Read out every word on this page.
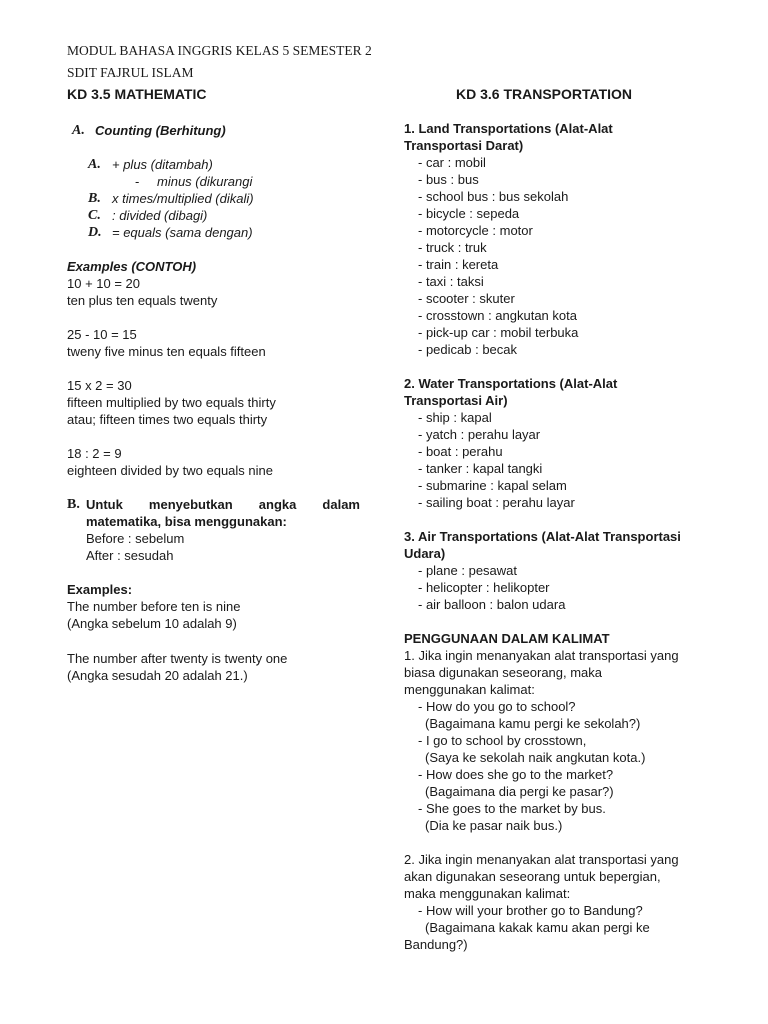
MODUL BAHASA INGGRIS KELAS 5 SEMESTER 2
SDIT FAJRUL ISLAM
KD 3.5 MATHEMATIC
A. Counting (Berhitung)
A. + plus (ditambah)
- minus (dikurangi
B. x times/multiplied (dikali)
C. : divided (dibagi)
D. = equals (sama dengan)
Examples (CONTOH)
10 + 10 = 20
ten plus ten equals twenty
25 - 10 = 15
tweny five minus ten equals fifteen
15 x 2 = 30
fifteen multiplied by two equals thirty
atau; fifteen times two equals thirty
18 : 2 = 9
eighteen divided by two equals nine
B. Untuk menyebutkan angka dalam
matematika, bisa menggunakan:
Before : sebelum
After : sesudah
Examples:
The number before ten is nine
(Angka sebelum 10 adalah 9)
The number after twenty is twenty one
(Angka sesudah 20 adalah 21.)
KD 3.6 TRANSPORTATION
1. Land Transportations (Alat-Alat
Transportasi Darat)
- car : mobil
- bus : bus
- school bus : bus sekolah
- bicycle : sepeda
- motorcycle : motor
- truck : truk
- train : kereta
- taxi : taksi
- scooter : skuter
- crosstown : angkutan kota
- pick-up car : mobil terbuka
- pedicab : becak
2. Water Transportations (Alat-Alat
Transportasi Air)
- ship : kapal
- yatch : perahu layar
- boat : perahu
- tanker : kapal tangki
- submarine : kapal selam
- sailing boat : perahu layar
3. Air Transportations (Alat-Alat Transportasi
Udara)
- plane : pesawat
- helicopter : helikopter
- air balloon : balon udara
PENGGUNAAN DALAM KALIMAT
1. Jika ingin menanyakan alat transportasi yang
biasa digunakan seseorang, maka
menggunakan kalimat:
- How do you go to school?
(Bagaimana kamu pergi ke sekolah?)
- I go to school by crosstown,
(Saya ke sekolah naik angkutan kota.)
- How does she go to the market?
(Bagaimana dia pergi ke pasar?)
- She goes to the market by bus.
(Dia ke pasar naik bus.)
2. Jika ingin menanyakan alat transportasi yang
akan digunakan seseorang untuk bepergian,
maka menggunakan kalimat:
- How will your brother go to Bandung?
(Bagaimana kakak kamu akan pergi ke
Bandung?)
